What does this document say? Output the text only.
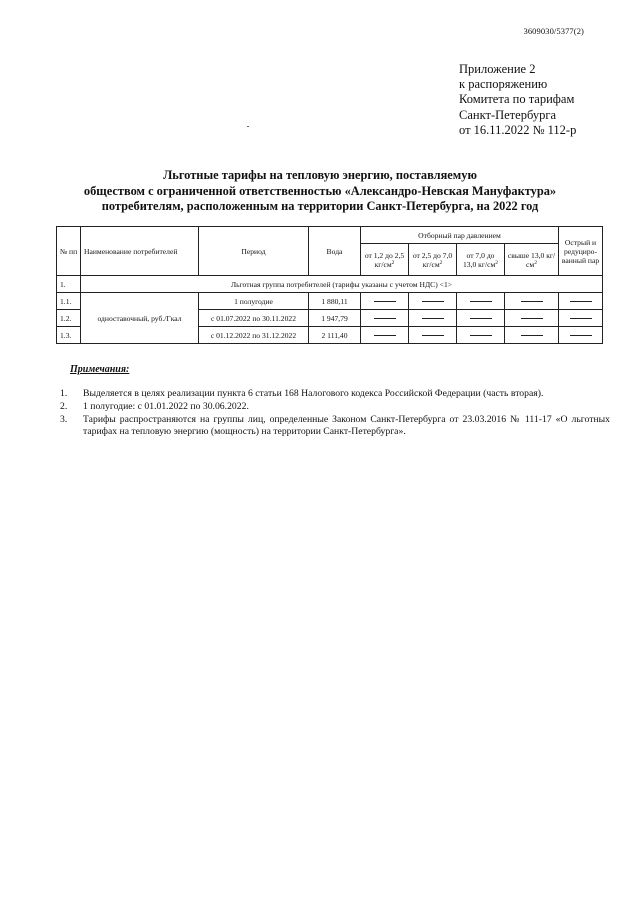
3609030/5377(2)
Приложение 2
к распоряжению
Комитета по тарифам
Санкт-Петербурга
от 16.11.2022 № 112-р
Льготные тарифы на тепловую энергию, поставляемую
обществом с ограниченной ответственностью «Александро-Невская Мануфактура»
потребителям, расположенным на территории Санкт-Петербурга, на 2022 год
№ пп	Наименование потребителей	Период	Вода	Отборный пар давлением				Острый и редуциро-ванный пар
				от 1,2 до 2,5 $кг/см^2$	от 2,5 до 7,0 $кг/см^2$	от 7,0 до 13,0 $кг/см^2$	свыше 13,0 $кг/см^2$
1.	Льготная группа потребителей (тарифы указаны с учетом НДС) <1>							
1.1.	одноставочный, руб./Гкал	1 полугодие	1 880,11					
1.2.		с 01.07.2022 по 30.11.2022	1 947,79					
1.3.		с 01.12.2022 по 31.12.2022	2 111,40					
Примечания:
1. Выделяется в целях реализации пункта 6 статьи 168 Налогового кодекса Российской Федерации (часть вторая).
2. 1 полугодие: с 01.01.2022 по 30.06.2022.
3. Тарифы распространяются на группы лиц, определенные Законом Санкт-Петербурга от 23.03.2016 № 111-17 «О льготных тарифах на тепловую энергию (мощность) на территории Санкт-Петербурга».
